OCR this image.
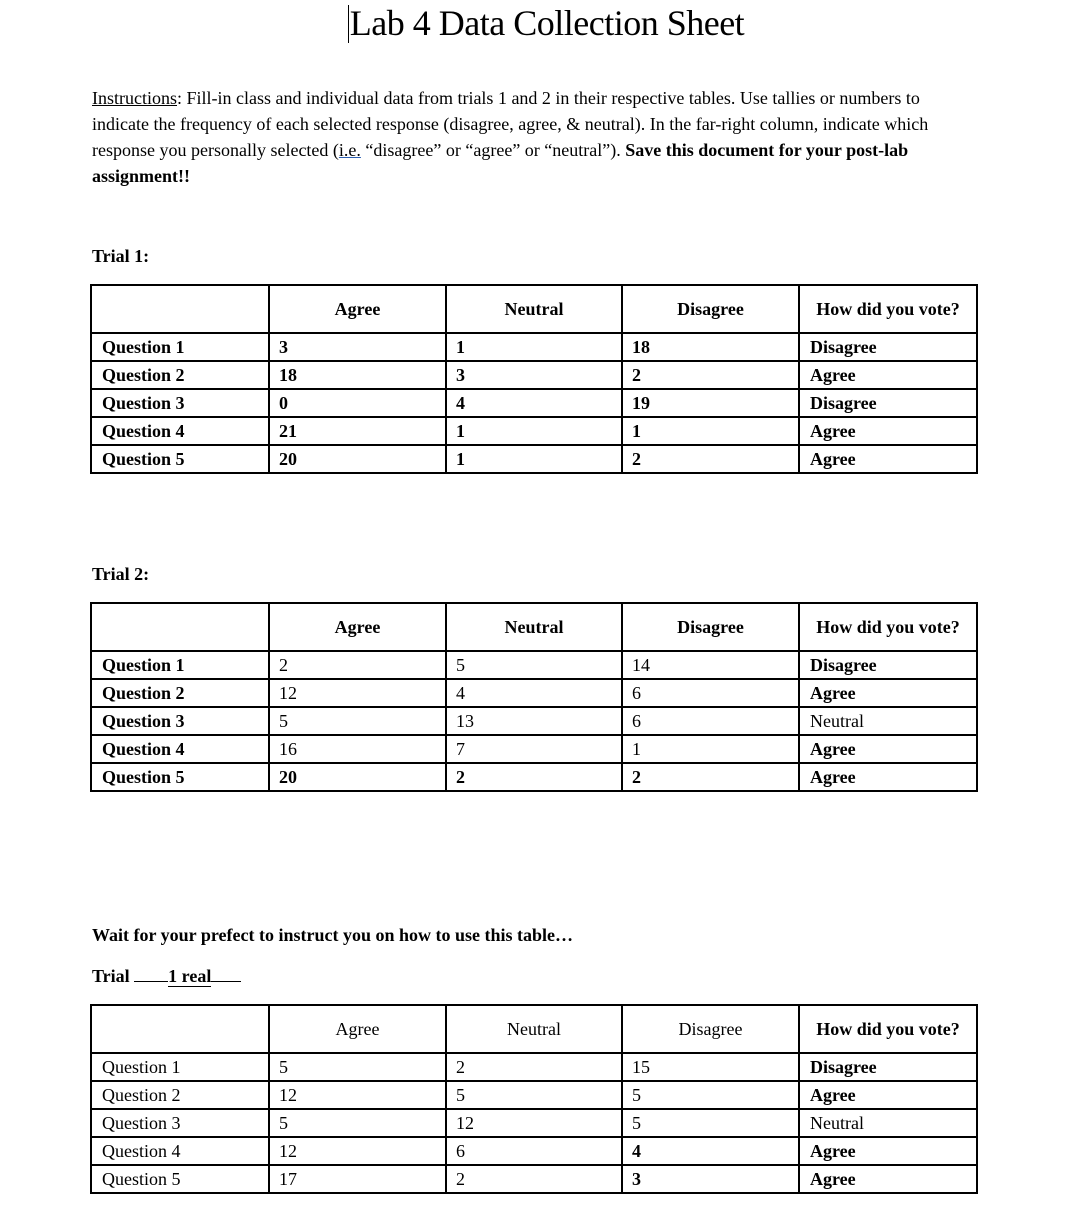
Lab 4 Data Collection Sheet
Instructions: Fill-in class and individual data from trials 1 and 2 in their respective tables. Use tallies or numbers to indicate the frequency of each selected response (disagree, agree, & neutral). In the far-right column, indicate which response you personally selected (i.e. “disagree” or “agree” or “neutral”). Save this document for your post-lab assignment!!
Trial 1:
	Agree	Neutral	Disagree	How did you vote?
Question 1	3	1	18	Disagree
Question 2	18	3	2	Agree
Question 3	0	4	19	Disagree
Question 4	21	1	1	Agree
Question 5	20	1	2	Agree
Trial 2:
	Agree	Neutral	Disagree	How did you vote?
Question 1	2	5	14	Disagree
Question 2	12	4	6	Agree
Question 3	5	13	6	Neutral
Question 4	16	7	1	Agree
Question 5	20	2	2	Agree
Wait for your prefect to instruct you on how to use this table…
Trial 1 real
	Agree	Neutral	Disagree	How did you vote?
Question 1	5	2	15	Disagree
Question 2	12	5	5	Agree
Question 3	5	12	5	Neutral
Question 4	12	6	4	Agree
Question 5	17	2	3	Agree
